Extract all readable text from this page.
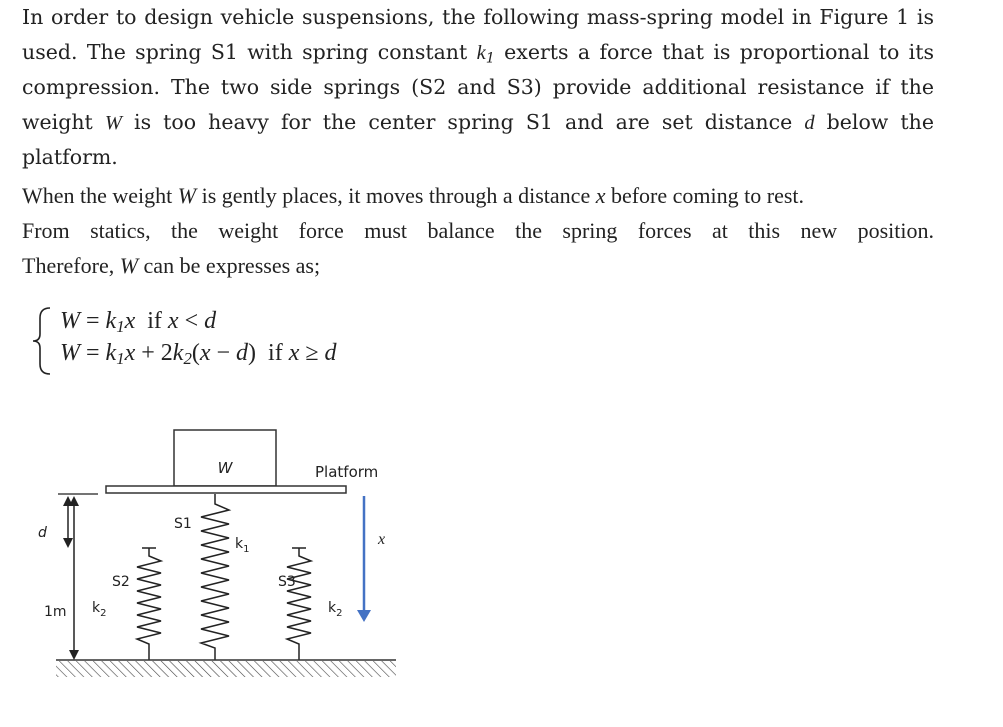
In order to design vehicle suspensions, the following mass-spring model in Figure 1 is
used. The spring S1 with spring constant $k_1$ exerts a force that is proportional to its
compression. The two side springs (S2 and S3) provide additional resistance if the
weight W is too heavy for the center spring S1 and are set distance d below the
platform.
When the weight W is gently places, it moves through a distance x before coming to rest.
From statics, the weight force must balance the spring forces at this new position.
Therefore, W can be expresses as;
$W = k_1x$ if x < d
$W = k_1x + 2k_2(x - d)$ if x ≥ d
W	Platform
S1
$k_1$
S2
$k_2$
S3
$k_2$
d
1m
x
